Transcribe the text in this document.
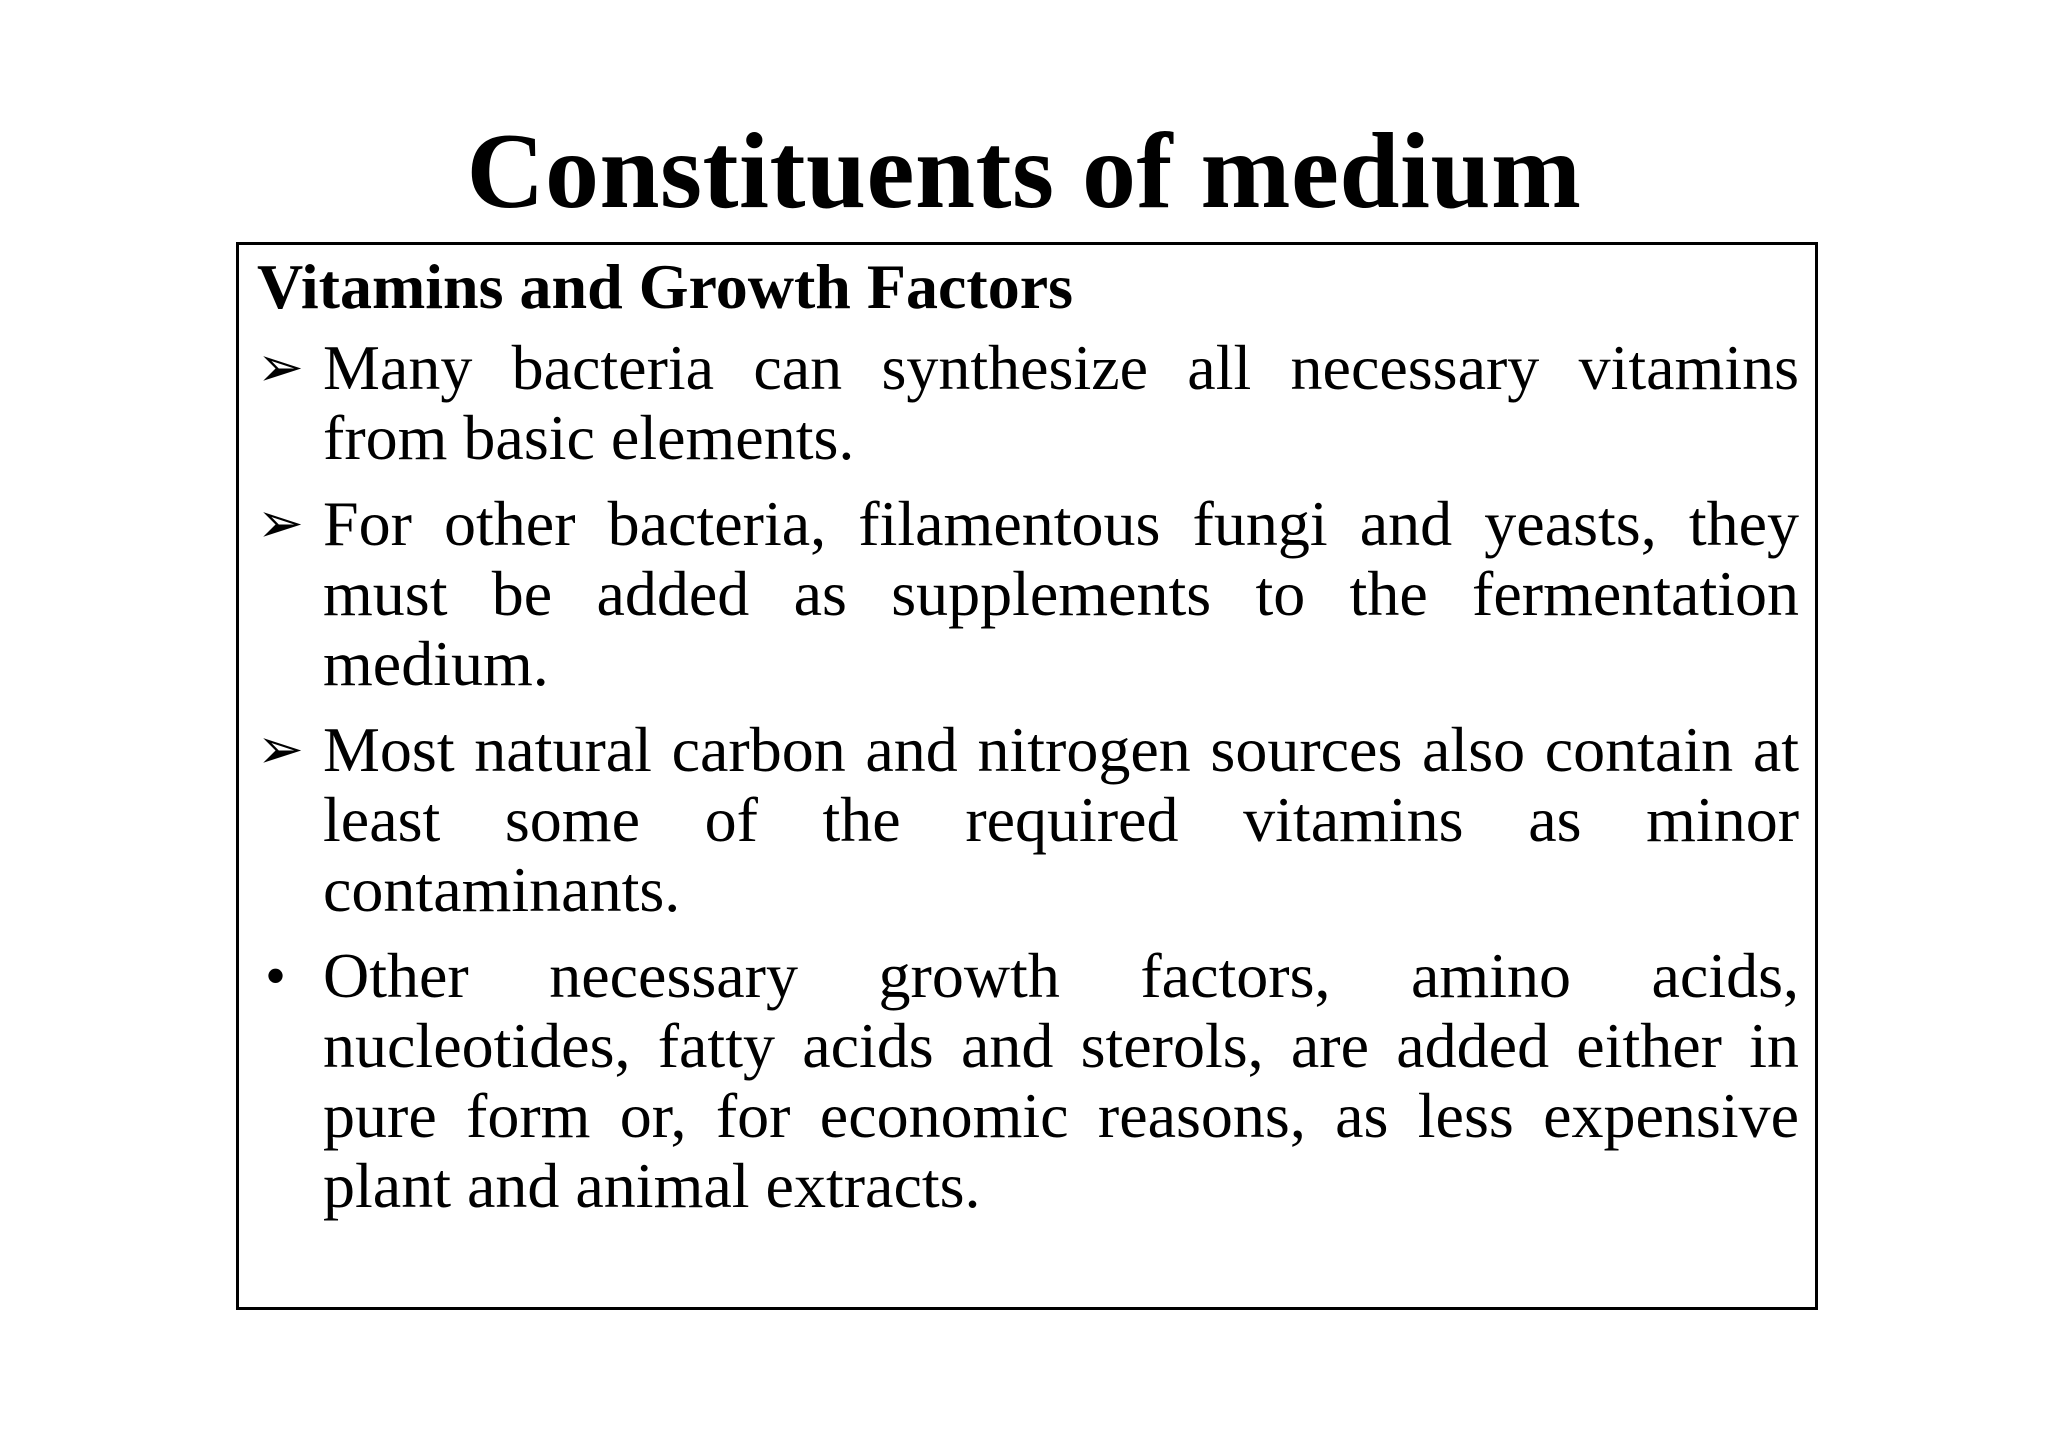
Constituents of medium
Vitamins and Growth Factors
➢ Many bacteria can synthesize all necessary vitamins from basic elements.
➢ For other bacteria, filamentous fungi and yeasts, they must be added as supplements to the fermentation medium.
➢ Most natural carbon and nitrogen sources also contain at least some of the required vitamins as minor contaminants.
• Other necessary growth factors, amino acids, nucleotides, fatty acids and sterols, are added either in pure form or, for economic reasons, as less expensive plant and animal extracts.
